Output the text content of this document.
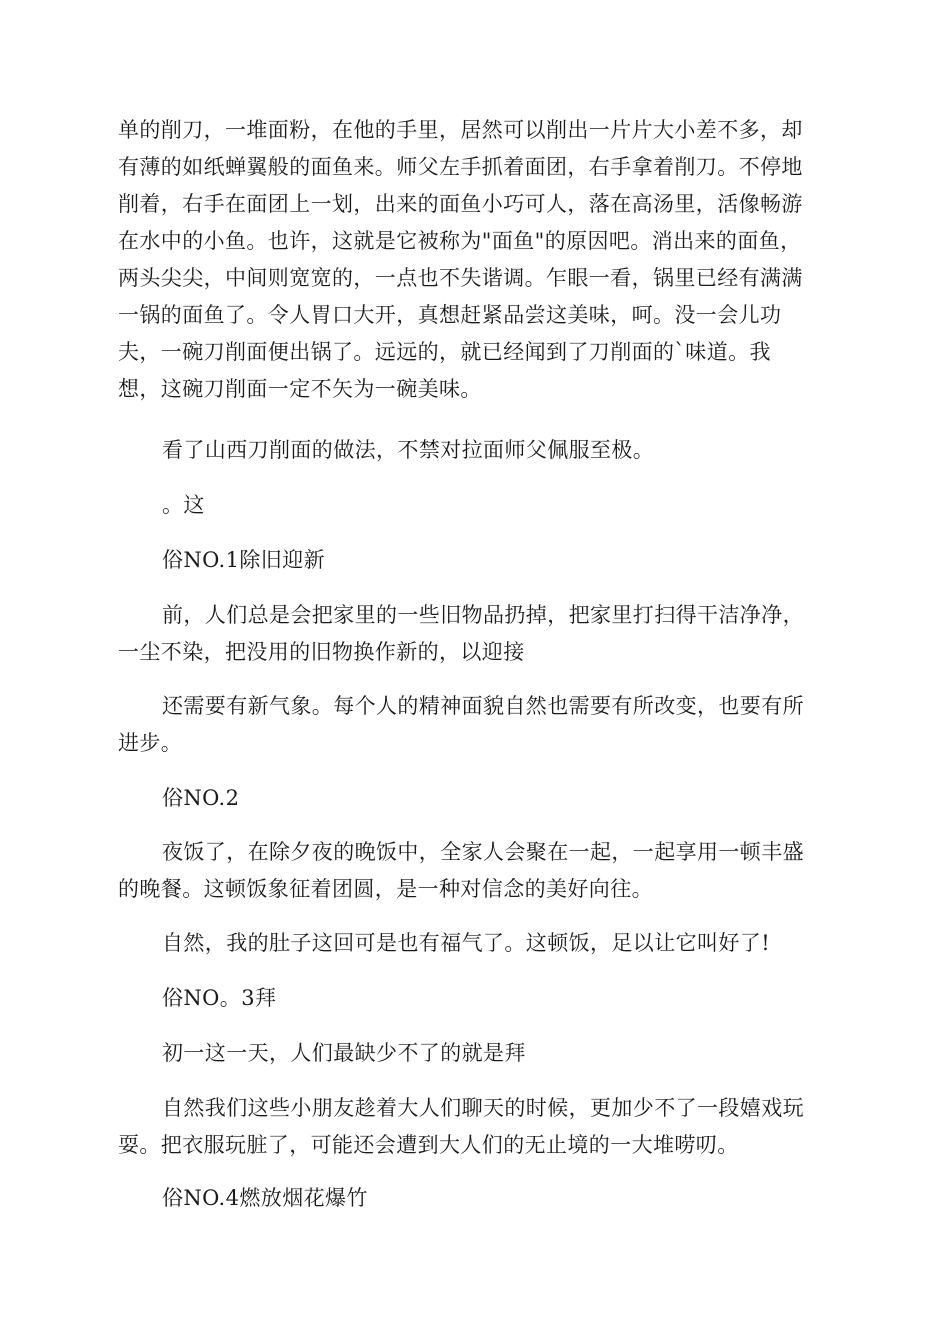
单的削刀，一堆面粉，在他的手里，居然可以削出一片片大小差不多，却
有薄的如纸蝉翼般的面鱼来。师父左手抓着面团，右手拿着削刀。不停地
削着，右手在面团上一划，出来的面鱼小巧可人，落在高汤里，活像畅游
在水中的小鱼。也许，这就是它被称为"面鱼"的原因吧。消出来的面鱼，
两头尖尖，中间则宽宽的，一点也不失谐调。乍眼一看，锅里已经有满满
一锅的面鱼了。令人胃口大开，真想赶紧品尝这美味，呵。没一会儿功
夫，一碗刀削面便出锅了。远远的，就已经闻到了刀削面的`味道。我
想，这碗刀削面一定不矢为一碗美味。
看了山西刀削面的做法，不禁对拉面师父佩服至极。
。这
俗NO.1除旧迎新
前，人们总是会把家里的一些旧物品扔掉，把家里打扫得干洁净净，
一尘不染，把没用的旧物换作新的，以迎接
还需要有新气象。每个人的精神面貌自然也需要有所改变，也要有所
进步。
俗NO.2
夜饭了，在除夕夜的晚饭中，全家人会聚在一起，一起享用一顿丰盛
的晚餐。这顿饭象征着团圆，是一种对信念的美好向往。
自然，我的肚子这回可是也有福气了。这顿饭，足以让它叫好了!
俗NO。3拜
初一这一天，人们最缺少不了的就是拜
自然我们这些小朋友趁着大人们聊天的时候，更加少不了一段嬉戏玩
耍。把衣服玩脏了，可能还会遭到大人们的无止境的一大堆唠叨。
俗NO.4燃放烟花爆竹
